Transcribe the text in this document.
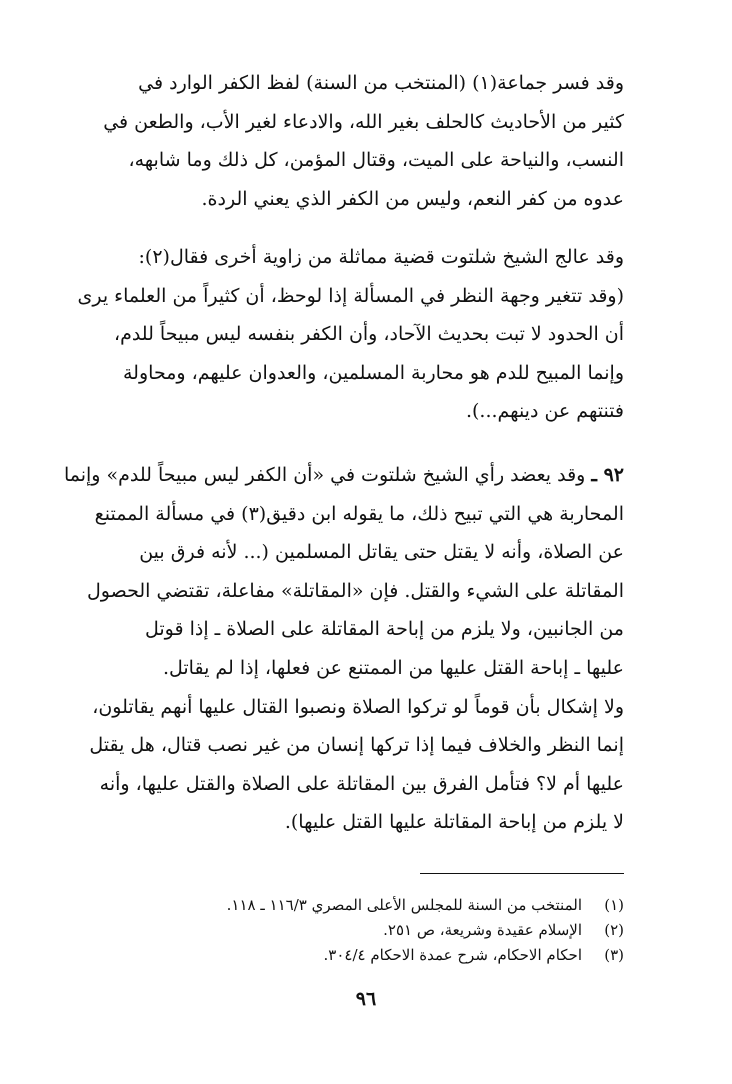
وقد فسر جماعة(١) (المنتخب من السنة) لفظ الكفر الوارد في
كثير من الأحاديث كالحلف بغير الله، والادعاء لغير الأب، والطعن في
النسب، والنياحة على الميت، وقتال المؤمن، كل ذلك وما شابهه،
عدوه من كفر النعم، وليس من الكفر الذي يعني الردة.
وقد عالج الشيخ شلتوت قضية مماثلة من زاوية أخرى فقال(٢):
(وقد تتغير وجهة النظر في المسألة إذا لوحظ، أن كثيراً من العلماء يرى
أن الحدود لا تبت بحديث الآحاد، وأن الكفر بنفسه ليس مبيحاً للدم،
وإنما المبيح للدم هو محاربة المسلمين، والعدوان عليهم، ومحاولة
فتنتهم عن دينهم...).
٩٢ ـ وقد يعضد رأي الشيخ شلتوت في «أن الكفر ليس مبيحاً للدم» وإنما
المحاربة هي التي تبيح ذلك، ما يقوله ابن دقيق(٣) في مسألة الممتنع
عن الصلاة، وأنه لا يقتل حتى يقاتل المسلمين (... لأنه فرق بين
المقاتلة على الشيء والقتل. فإن «المقاتلة» مفاعلة، تقتضي الحصول
من الجانبين، ولا يلزم من إباحة المقاتلة على الصلاة ـ إذا قوتل
عليها ـ إباحة القتل عليها من الممتنع عن فعلها، إذا لم يقاتل.
ولا إشكال بأن قوماً لو تركوا الصلاة ونصبوا القتال عليها أنهم يقاتلون،
إنما النظر والخلاف فيما إذا تركها إنسان من غير نصب قتال، هل يقتل
عليها أم لا؟ فتأمل الفرق بين المقاتلة على الصلاة والقتل عليها، وأنه
لا يلزم من إباحة المقاتلة عليها القتل عليها).

(١)المنتخب من السنة للمجلس الأعلى المصري ١١٦/٣ ـ ١١٨.

(٢)الإسلام عقيدة وشريعة، ص ٢٥١.

(٣)احكام الاحكام، شرح عمدة الاحكام ٣٠٤/٤.

٩٦
